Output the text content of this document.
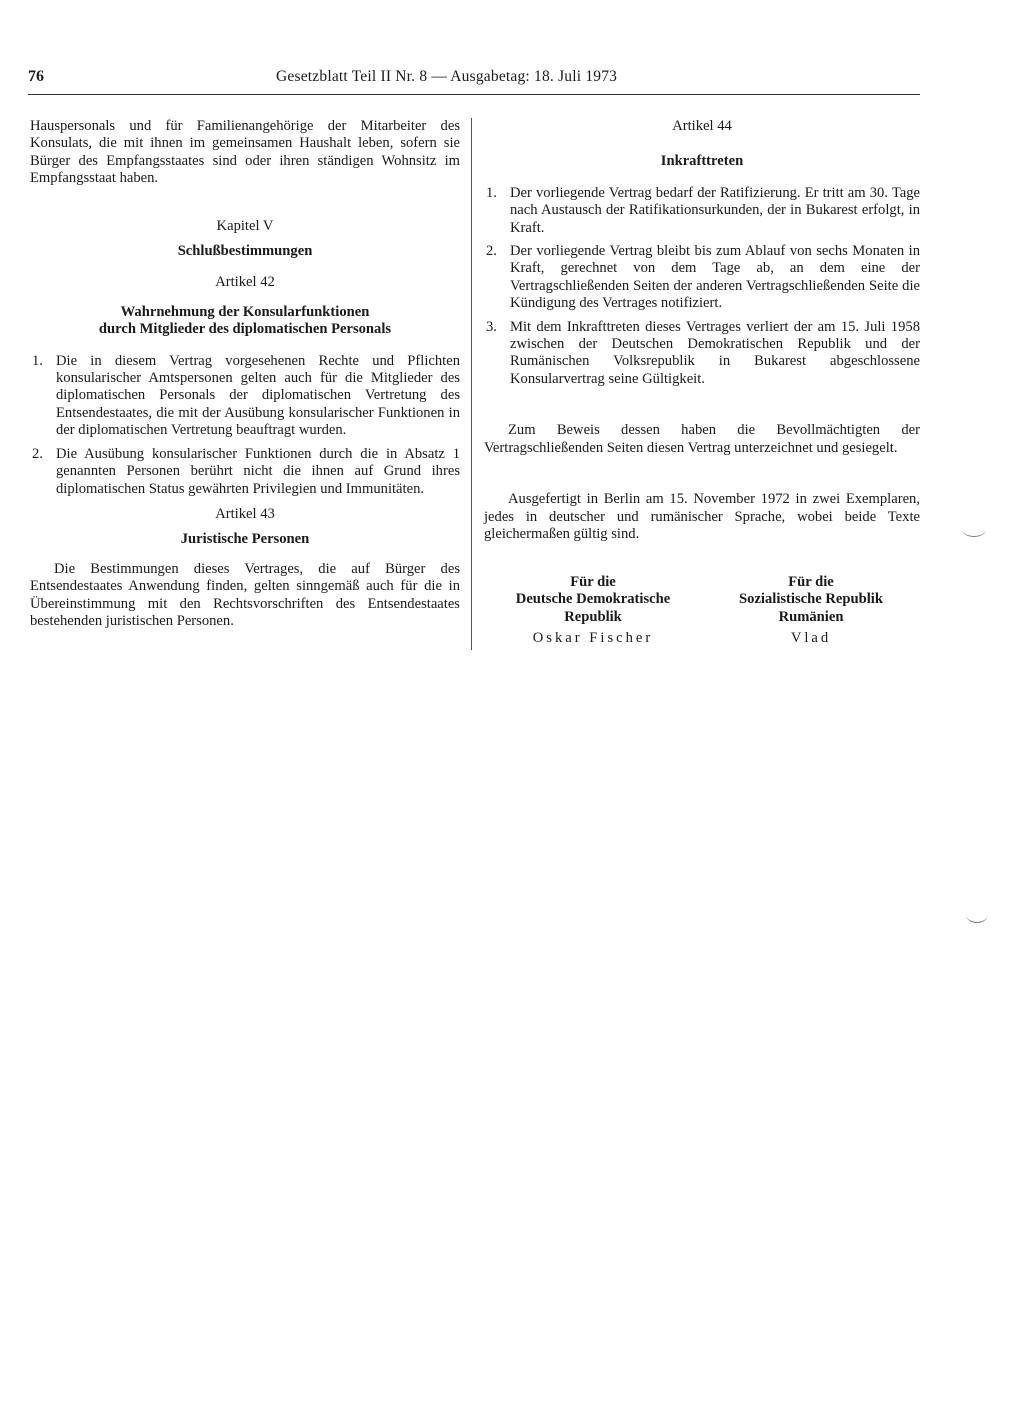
76	Gesetzblatt Teil II Nr. 8 — Ausgabetag: 18. Juli 1973

Hauspersonals und für Familienangehörige der Mitarbeiter des Konsulats, die mit ihnen im gemeinsamen Haushalt leben, sofern sie Bürger des Empfangsstaates sind oder ihren ständigen Wohnsitz im Empfangsstaat haben.

Kapitel V

Schlußbestimmungen

Artikel 42

Wahrnehmung der Konsularfunktionen

durch Mitglieder des diplomatischen Personals

1. Die in diesem Vertrag vorgesehenen Rechte und Pflichten konsularischer Amtspersonen gelten auch für die Mitglieder des diplomatischen Personals der diplomatischen Vertretung des Entsendestaates, die mit der Ausübung konsularischer Funktionen in der diplomatischen Vertretung beauftragt wurden.
2. Die Ausübung konsularischer Funktionen durch die in Absatz 1 genannten Personen berührt nicht die ihnen auf Grund ihres diplomatischen Status gewährten Privilegien und Immunitäten.

Artikel 43

Juristische Personen

Die Bestimmungen dieses Vertrages, die auf Bürger des Entsendestaates Anwendung finden, gelten sinngemäß auch für die in Übereinstimmung mit den Rechtsvorschriften des Entsendestaates bestehenden juristischen Personen.

Artikel 44

Inkrafttreten

1. Der vorliegende Vertrag bedarf der Ratifizierung. Er tritt am 30. Tage nach Austausch der Ratifikationsurkunden, der in Bukarest erfolgt, in Kraft.
2. Der vorliegende Vertrag bleibt bis zum Ablauf von sechs Monaten in Kraft, gerechnet von dem Tage ab, an dem eine der Vertragschließenden Seiten der anderen Vertragschließenden Seite die Kündigung des Vertrages notifiziert.
3. Mit dem Inkrafttreten dieses Vertrages verliert der am 15. Juli 1958 zwischen der Deutschen Demokratischen Republik und der Rumänischen Volksrepublik in Bukarest abgeschlossene Konsularvertrag seine Gültigkeit.

Zum Beweis dessen haben die Bevollmächtigten der Vertragschließenden Seiten diesen Vertrag unterzeichnet und gesiegelt.

Ausgefertigt in Berlin am 15. November 1972 in zwei Exemplaren, jedes in deutscher und rumänischer Sprache, wobei beide Texte gleichermaßen gültig sind.

Für die
Deutsche Demokratische
Republik
Oskar Fischer
Für die
Sozialistische Republik
Rumänien
Vlad
